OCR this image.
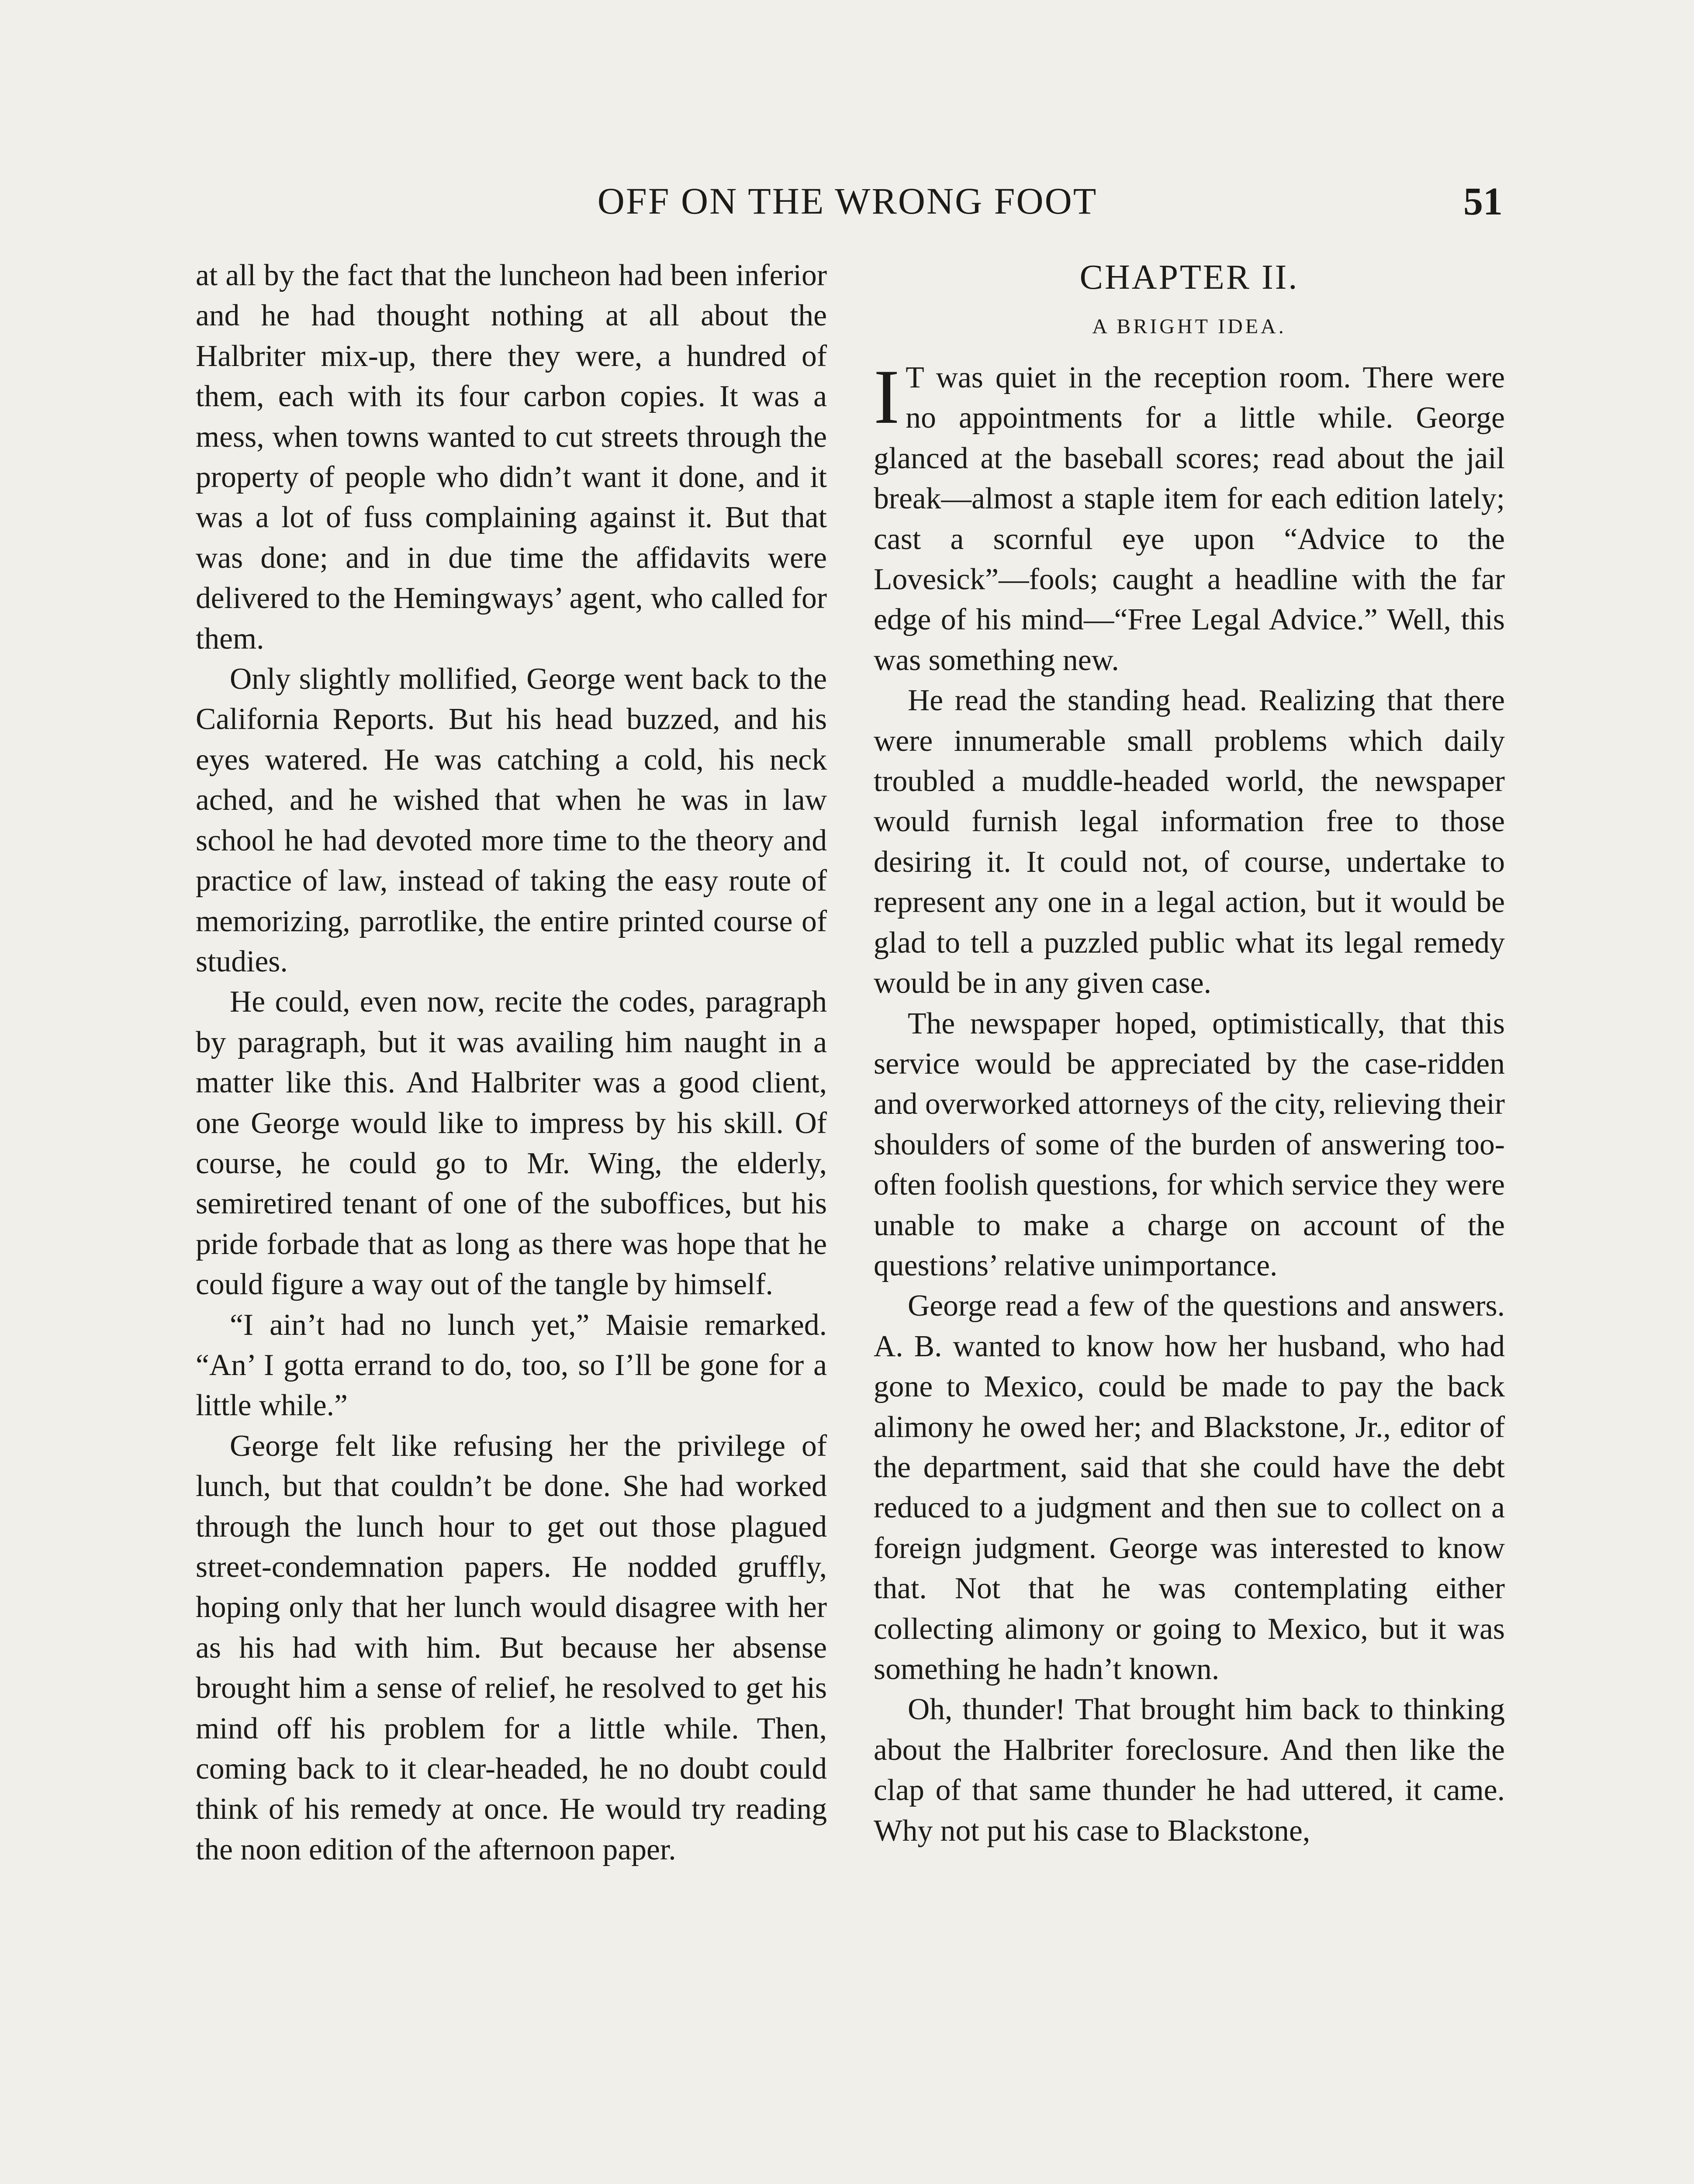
OFF ON THE WRONG FOOT	51

at all by the fact that the luncheon had been inferior and he had thought nothing at all about the Halbriter mix-up, there they were, a hundred of them, each with its four carbon copies. It was a mess, when towns wanted to cut streets through the property of people who didn’t want it done, and it was a lot of fuss complaining against it. But that was done; and in due time the affidavits were delivered to the Hemingways’ agent, who called for them.

Only slightly mollified, George went back to the California Reports. But his head buzzed, and his eyes watered. He was catching a cold, his neck ached, and he wished that when he was in law school he had devoted more time to the theory and practice of law, instead of taking the easy route of memorizing, parrotlike, the entire printed course of studies.

He could, even now, recite the codes, paragraph by paragraph, but it was availing him naught in a matter like this. And Halbriter was a good client, one George would like to impress by his skill. Of course, he could go to Mr. Wing, the elderly, semiretired tenant of one of the suboffices, but his pride forbade that as long as there was hope that he could figure a way out of the tangle by himself.

“I ain’t had no lunch yet,” Maisie remarked. “An’ I gotta errand to do, too, so I’ll be gone for a little while.”

George felt like refusing her the privilege of lunch, but that couldn’t be done. She had worked through the lunch hour to get out those plagued street-condemnation papers. He nodded gruffly, hoping only that her lunch would disagree with her as his had with him. But because her absense brought him a sense of relief, he resolved to get his mind off his problem for a little while. Then, coming back to it clear-headed, he no doubt could think of his remedy at once. He would try reading the noon edition of the afternoon paper.

CHAPTER II.
A BRIGHT IDEA.

I T was quiet in the reception room. There were no appointments for a little while. George glanced at the baseball scores; read about the jail break—almost a staple item for each edition lately; cast a scornful eye upon “Advice to the Lovesick”—fools; caught a headline with the far edge of his mind—“Free Legal Advice.” Well, this was something new.

He read the standing head. Realizing that there were innumerable small problems which daily troubled a muddle-headed world, the newspaper would furnish legal information free to those desiring it. It could not, of course, undertake to represent any one in a legal action, but it would be glad to tell a puzzled public what its legal remedy would be in any given case.

The newspaper hoped, optimistically, that this service would be appreciated by the case-ridden and overworked attorneys of the city, relieving their shoulders of some of the burden of answering too-often foolish questions, for which service they were unable to make a charge on account of the questions’ relative unimportance.

George read a few of the questions and answers. A. B. wanted to know how her husband, who had gone to Mexico, could be made to pay the back alimony he owed her; and Blackstone, Jr., editor of the department, said that she could have the debt reduced to a judgment and then sue to collect on a foreign judgment. George was interested to know that. Not that he was contemplating either collecting alimony or going to Mexico, but it was something he hadn’t known.

Oh, thunder! That brought him back to thinking about the Halbriter foreclosure. And then like the clap of that same thunder he had uttered, it came. Why not put his case to Blackstone,
